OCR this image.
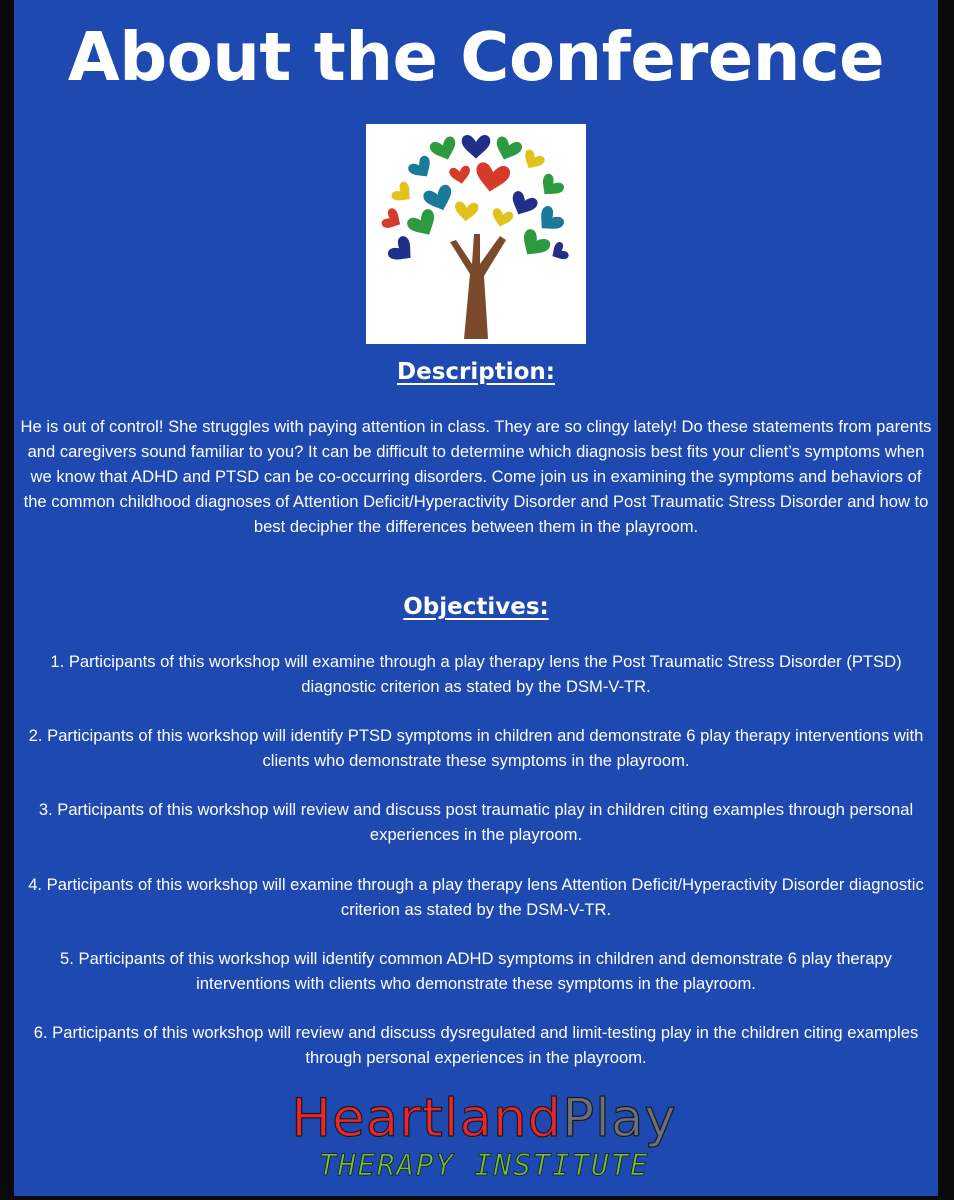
About the Conference
Description:

He is out of control! She struggles with paying attention in class. They are so clingy lately! Do these statements from parents and caregivers sound familiar to you? It can be difficult to determine which diagnosis best fits your client’s symptoms when we know that ADHD and PTSD can be co-occurring disorders. Come join us in examining the symptoms and behaviors of the common childhood diagnoses of Attention Deficit/Hyperactivity Disorder and Post Traumatic Stress Disorder and how to best decipher the differences between them in the playroom.

Objectives:

1. Participants of this workshop will examine through a play therapy lens the Post Traumatic Stress Disorder (PTSD) diagnostic criterion as stated by the DSM-V-TR.

2. Participants of this workshop will identify PTSD symptoms in children and demonstrate 6 play therapy interventions with clients who demonstrate these symptoms in the playroom.

3. Participants of this workshop will review and discuss post traumatic play in children citing examples through personal experiences in the playroom.

4. Participants of this workshop will examine through a play therapy lens Attention Deficit/Hyperactivity Disorder diagnostic criterion as stated by the DSM-V-TR.

5. Participants of this workshop will identify common ADHD symptoms in children and demonstrate 6 play therapy interventions with clients who demonstrate these symptoms in the playroom.

6. Participants of this workshop will review and discuss dysregulated and limit-testing play in the children citing examples through personal experiences in the playroom.

HeartlandPlay
THERAPY INSTITUTE
